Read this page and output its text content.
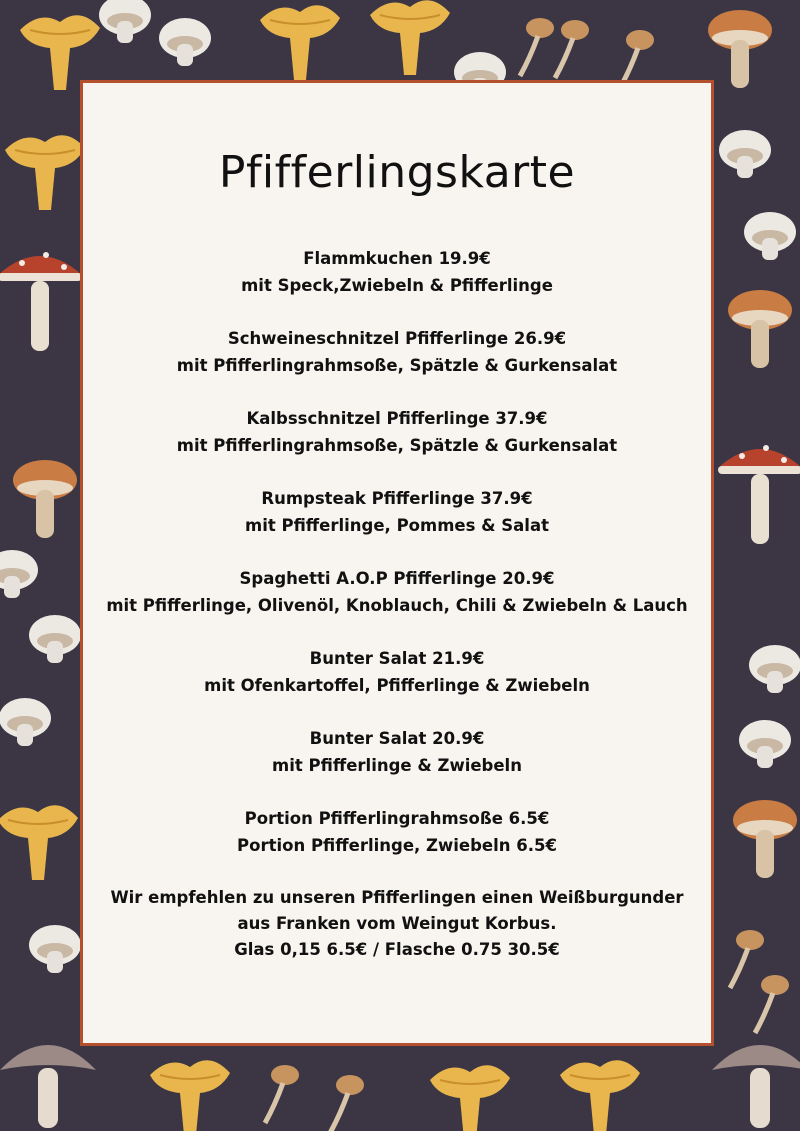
Pfifferlingskarte
Flammkuchen 19.9€
mit Speck,Zwiebeln & Pfifferlinge
Schweineschnitzel Pfifferlinge 26.9€
mit Pfifferlingrahmsoße, Spätzle & Gurkensalat
Kalbsschnitzel Pfifferlinge 37.9€
mit Pfifferlingrahmsoße, Spätzle & Gurkensalat
Rumpsteak Pfifferlinge 37.9€
mit Pfifferlinge, Pommes & Salat
Spaghetti A.O.P Pfifferlinge 20.9€
mit Pfifferlinge, Olivenöl, Knoblauch, Chili & Zwiebeln & Lauch
Bunter Salat 21.9€
mit Ofenkartoffel, Pfifferlinge & Zwiebeln
Bunter Salat 20.9€
mit Pfifferlinge & Zwiebeln
Portion Pfifferlingrahmsoße 6.5€
Portion Pfifferlinge, Zwiebeln 6.5€
Wir empfehlen zu unseren Pfifferlingen einen Weißburgunder
aus Franken vom Weingut Korbus.
Glas 0,15 6.5€ / Flasche 0.75 30.5€
